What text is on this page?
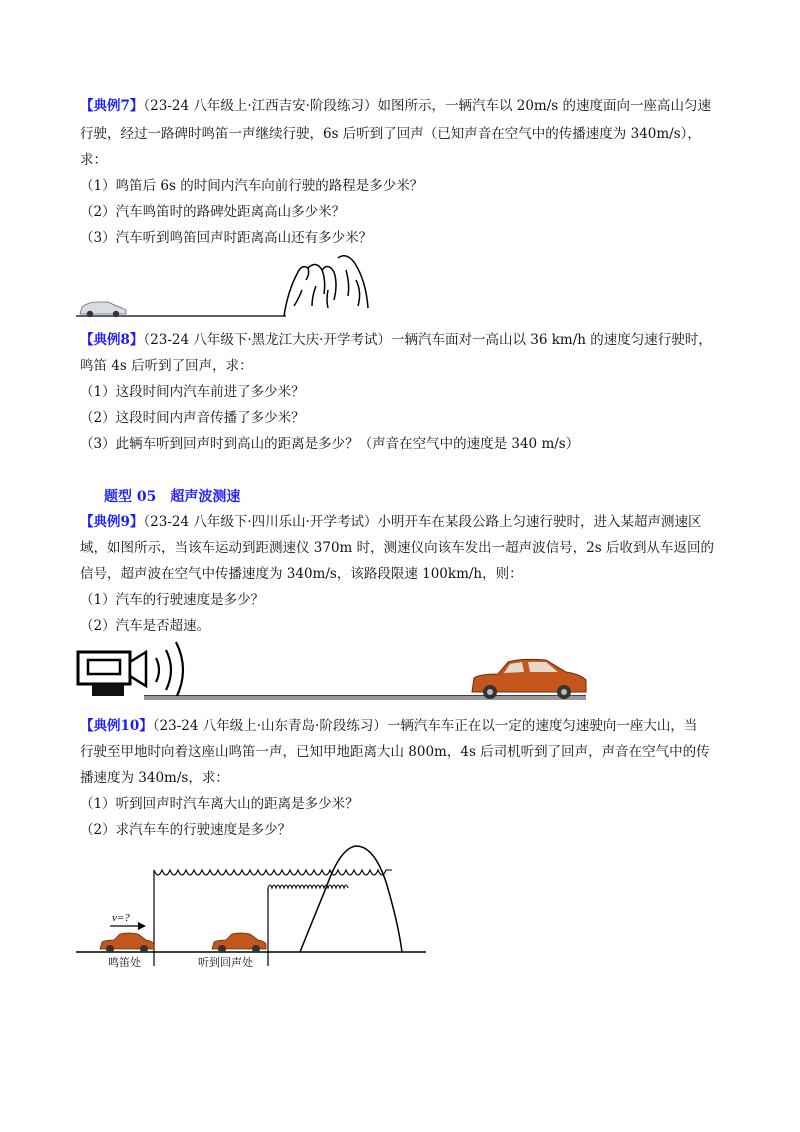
【典例7】（23-24 八年级上·江西吉安·阶段练习）如图所示，一辆汽车以 20m/s 的速度面向一座高山匀速
行驶，经过一路碑时鸣笛一声继续行驶，6s 后听到了回声（已知声音在空气中的传播速度为 340m/s），
求：
（1）鸣笛后 6s 的时间内汽车向前行驶的路程是多少米？
（2）汽车鸣笛时的路碑处距离高山多少米？
（3）汽车听到鸣笛回声时距离高山还有多少米？
【典例8】（23-24 八年级下·黑龙江大庆·开学考试）一辆汽车面对一高山以 36 km/h 的速度匀速行驶时，
鸣笛 4s 后听到了回声，求：
（1）这段时间内汽车前进了多少米？
（2）这段时间内声音传播了多少米？
（3）此辆车听到回声时到高山的距离是多少？（声音在空气中的速度是 340 m/s）
题型 05 超声波测速
【典例9】（23-24 八年级下·四川乐山·开学考试）小明开车在某段公路上匀速行驶时，进入某超声测速区
域，如图所示，当该车运动到距测速仪 370m 时，测速仪向该车发出一超声波信号，2s 后收到从车返回的
信号，超声波在空气中传播速度为 340m/s，该路段限速 100km/h，则：
（1）汽车的行驶速度是多少？
（2）汽车是否超速。
【典例10】（23-24 八年级上·山东青岛·阶段练习）一辆汽车车正在以一定的速度匀速驶向一座大山，当
行驶至甲地时向着这座山鸣笛一声，已知甲地距离大山 800m，4s 后司机听到了回声，声音在空气中的传
播速度为 340m/s，求：
（1）听到回声时汽车离大山的距离是多少米？
（2）求汽车车的行驶速度是多少？
v=?
鸣笛处	听到回声处
